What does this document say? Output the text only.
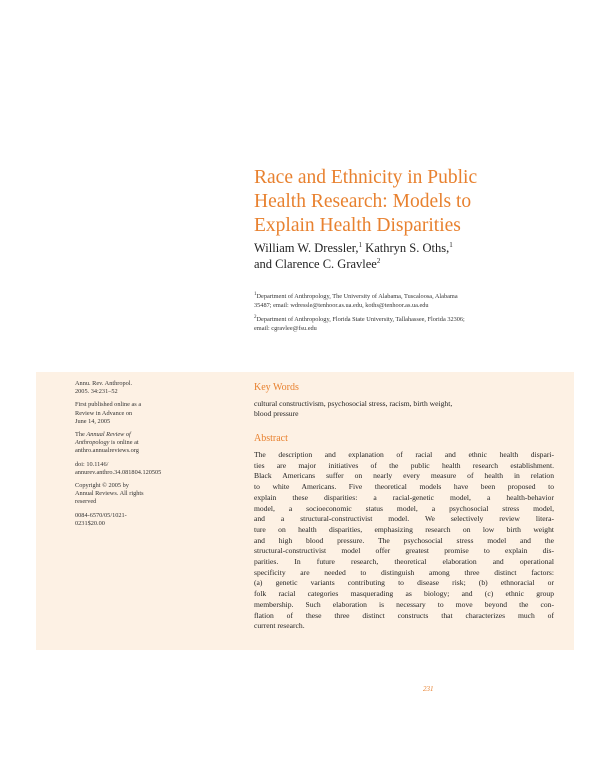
Race and Ethnicity in Public
Health Research: Models to
Explain Health Disparities
William W. Dressler,$^1$ Kathryn S. Oths,$^1$
and Clarence C. Gravlee$^2$

$^1$Department of Anthropology, The University of Alabama, Tuscaloosa, Alabama
35487; email: wdressle@tenhoor.as.ua.edu, koths@tenhoor.as.ua.edu

$^2$Department of Anthropology, Florida State University, Tallahassee, Florida 32306;
email: cgravlee@fsu.edu

Annu. Rev. Anthropol.
2005. 34:231–52
First published online as a
Review in Advance on
June 14, 2005
The Annual Review of
Anthropology is online at
anthro.annualreviews.org
doi: 10.1146/
annurev.anthro.34.081804.120505
Copyright © 2005 by
Annual Reviews. All rights
reserved
0084-6570/05/1021-
0231$20.00
Key Words

cultural constructivism, psychosocial stress, racism, birth weight,
blood pressure

Abstract
The description and explanation of racial and ethnic health dispari-
ties are major initiatives of the public health research establishment.
Black Americans suffer on nearly every measure of health in relation
to white Americans. Five theoretical models have been proposed to
explain these disparities: a racial-genetic model, a health-behavior
model, a socioeconomic status model, a psychosocial stress model,
and a structural-constructivist model. We selectively review litera-
ture on health disparities, emphasizing research on low birth weight
and high blood pressure. The psychosocial stress model and the
structural-constructivist model offer greatest promise to explain dis-
parities. In future research, theoretical elaboration and operational
specificity are needed to distinguish among three distinct factors:
(a) genetic variants contributing to disease risk; (b) ethnoracial or
folk racial categories masquerading as biology; and (c) ethnic group
membership. Such elaboration is necessary to move beyond the con-
flation of these three distinct constructs that characterizes much of
current research.
231
